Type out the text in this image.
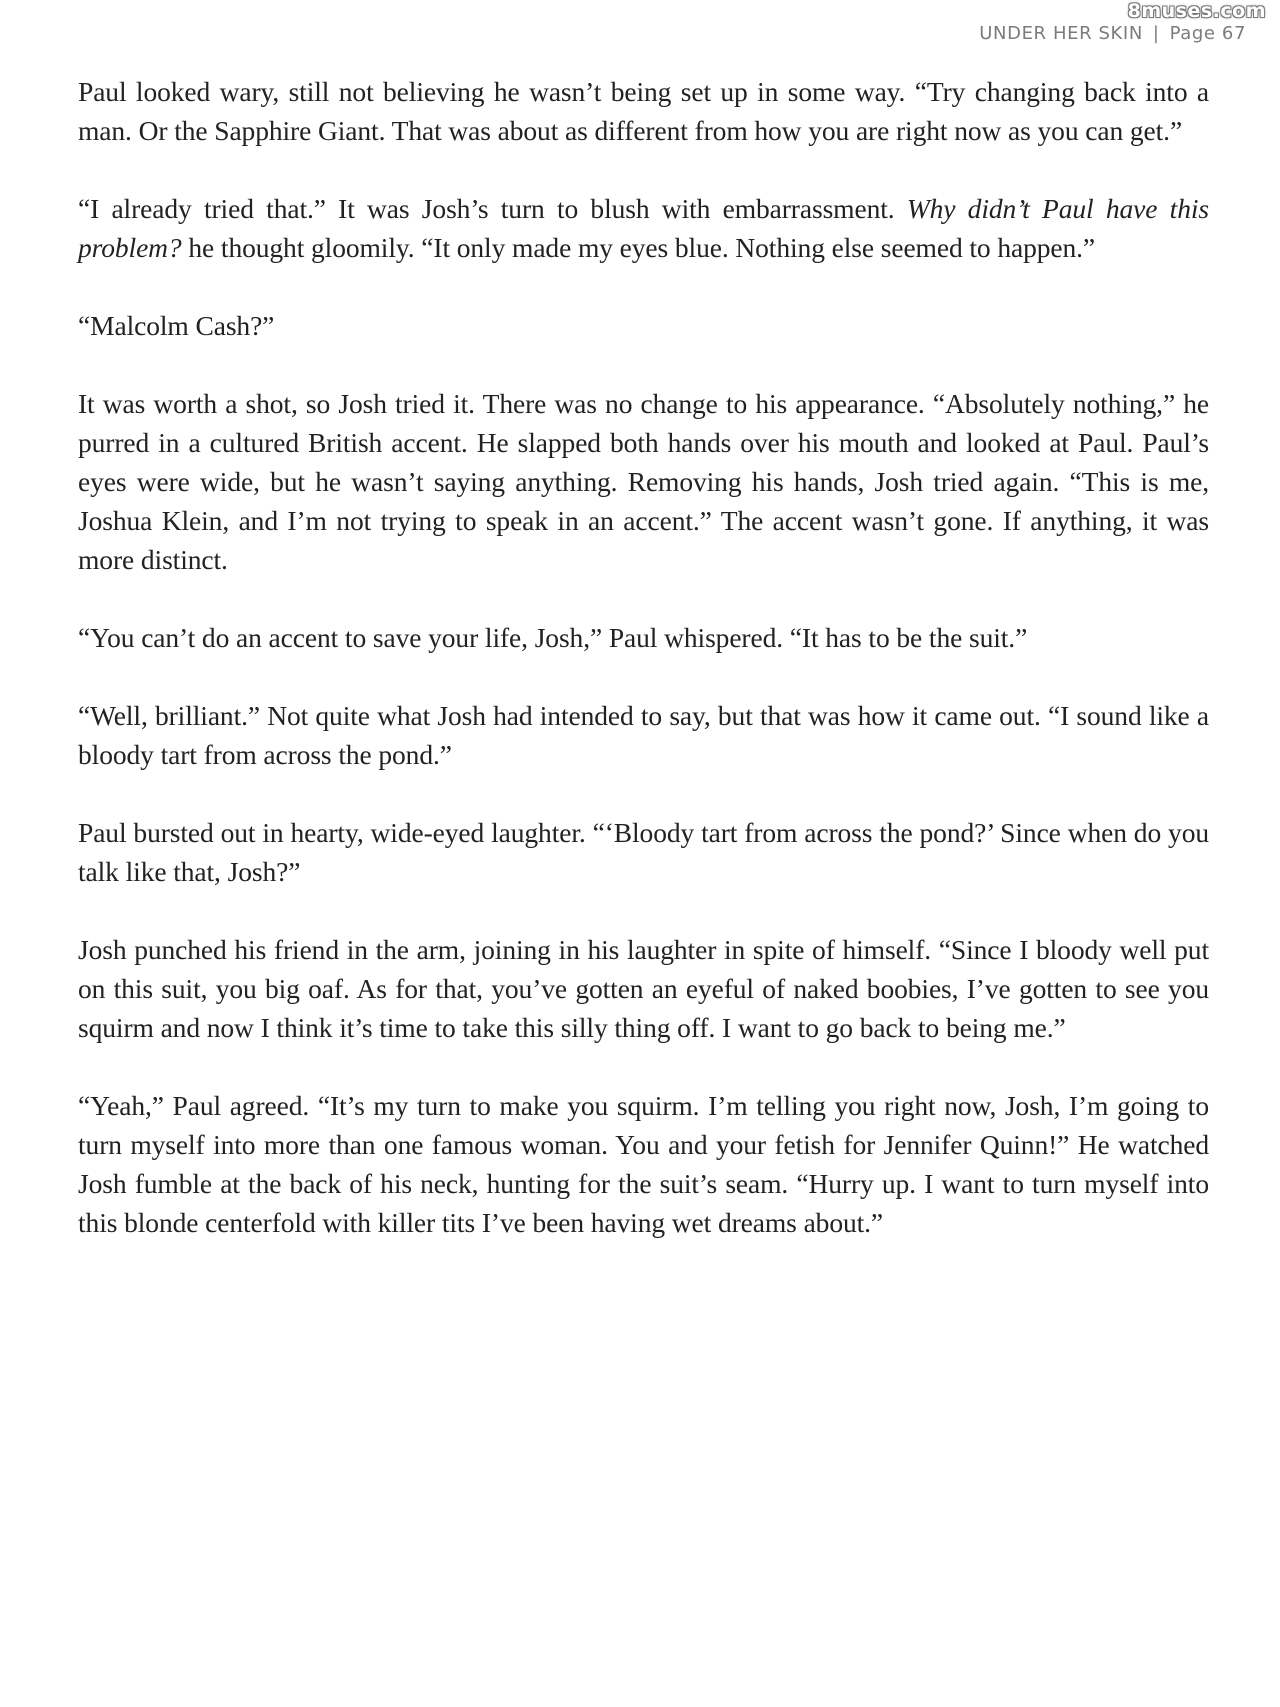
8muses.com
UNDER HER SKIN | Page 67

Paul looked wary, still not believing he wasn’t being set up in some way. “Try changing back into a man. Or the Sapphire Giant. That was about as different from how you are right now as you can get.”

“I already tried that.” It was Josh’s turn to blush with embarrassment. Why didn’t Paul have this problem? he thought gloomily. “It only made my eyes blue. Nothing else seemed to happen.”

“Malcolm Cash?”

It was worth a shot, so Josh tried it. There was no change to his appearance. “Absolutely nothing,” he purred in a cultured British accent. He slapped both hands over his mouth and looked at Paul. Paul’s eyes were wide, but he wasn’t saying anything. Removing his hands, Josh tried again. “This is me, Joshua Klein, and I’m not trying to speak in an accent.” The accent wasn’t gone. If anything, it was more distinct.

“You can’t do an accent to save your life, Josh,” Paul whispered. “It has to be the suit.”

“Well, brilliant.” Not quite what Josh had intended to say, but that was how it came out. “I sound like a bloody tart from across the pond.”

Paul bursted out in hearty, wide-eyed laughter. “‘Bloody tart from across the pond?’ Since when do you talk like that, Josh?”

Josh punched his friend in the arm, joining in his laughter in spite of himself. “Since I bloody well put on this suit, you big oaf. As for that, you’ve gotten an eyeful of naked boobies, I’ve gotten to see you squirm and now I think it’s time to take this silly thing off. I want to go back to being me.”

“Yeah,” Paul agreed. “It’s my turn to make you squirm. I’m telling you right now, Josh, I’m going to turn myself into more than one famous woman. You and your fetish for Jennifer Quinn!” He watched Josh fumble at the back of his neck, hunting for the suit’s seam. “Hurry up. I want to turn myself into this blonde centerfold with killer tits I’ve been having wet dreams about.”
